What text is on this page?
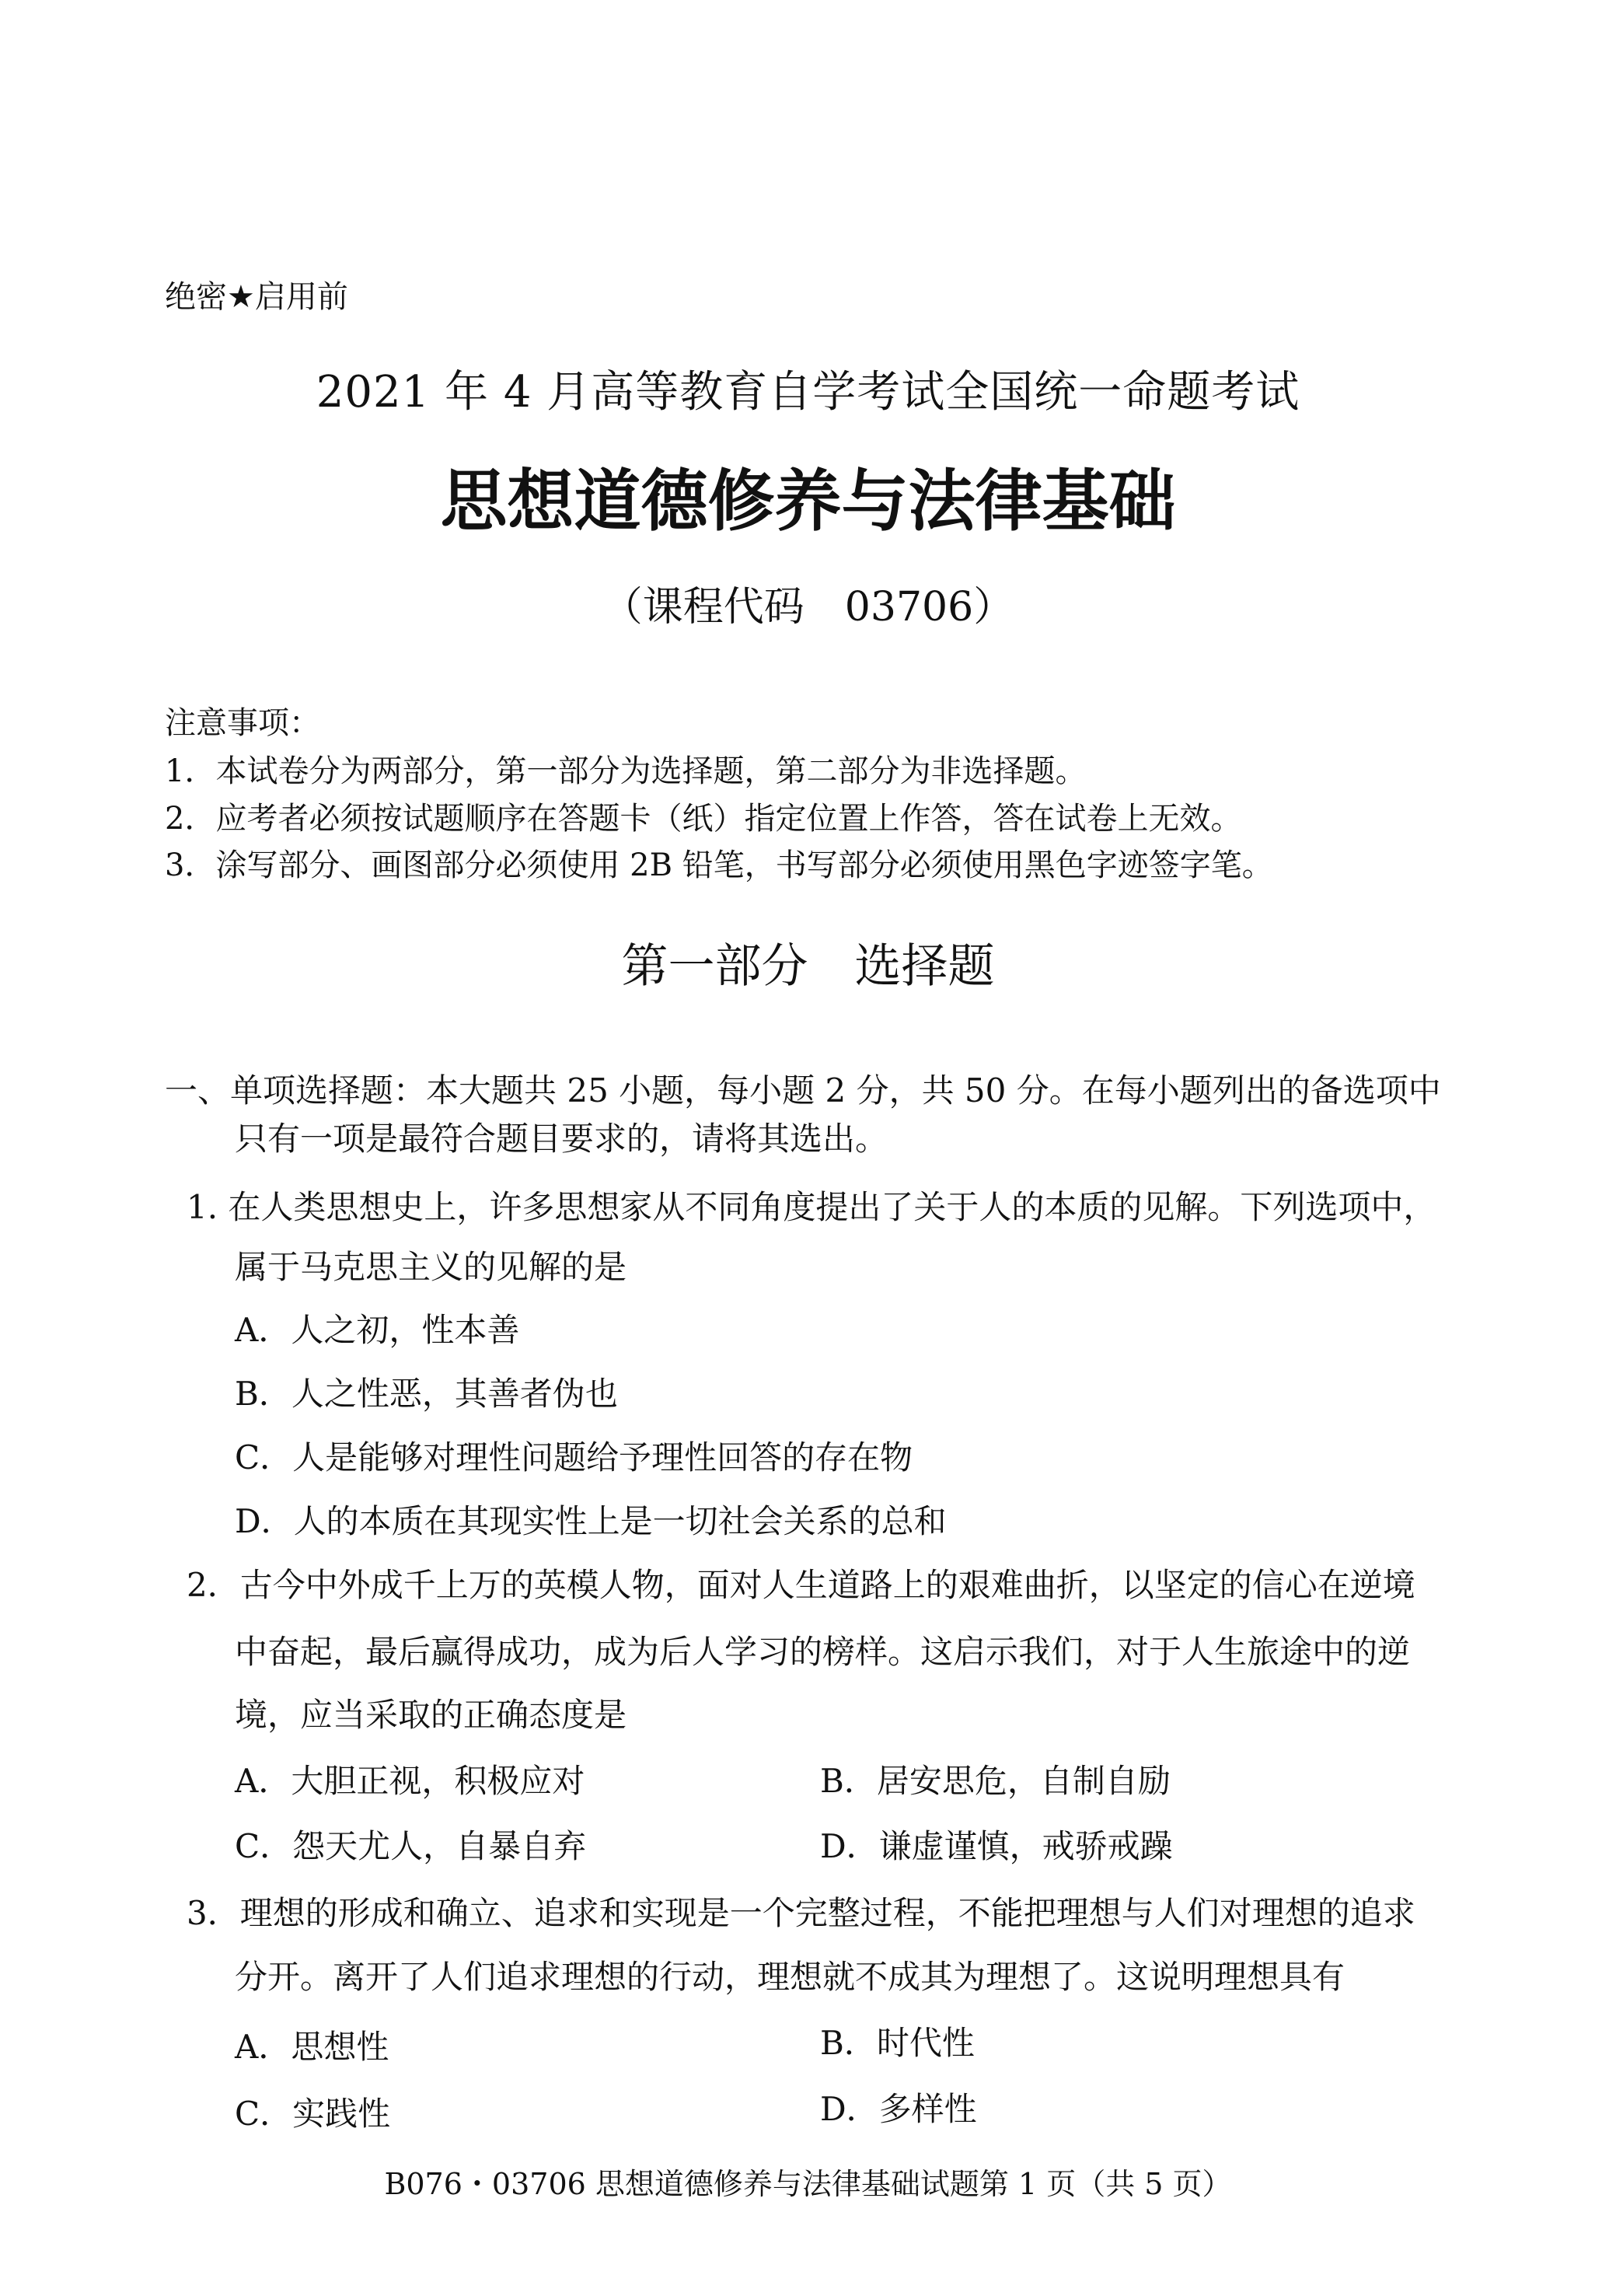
绝密★启用前
2021 年 4 月高等教育自学考试全国统一命题考试
思想道德修养与法律基础
（课程代码　03706）
注意事项：
1．本试卷分为两部分，第一部分为选择题，第二部分为非选择题。
2．应考者必须按试题顺序在答题卡（纸）指定位置上作答，答在试卷上无效。
3．涂写部分、画图部分必须使用 2B 铅笔，书写部分必须使用黑色字迹签字笔。
第一部分　选择题
一、单项选择题：本大题共 25 小题，每小题 2 分，共 50 分。在每小题列出的备选项中
只有一项是最符合题目要求的，请将其选出。
1. 在人类思想史上，许多思想家从不同角度提出了关于人的本质的见解。下列选项中，
属于马克思主义的见解的是
A．人之初，性本善
B．人之性恶，其善者伪也
C．人是能够对理性问题给予理性回答的存在物
D．人的本质在其现实性上是一切社会关系的总和
2．古今中外成千上万的英模人物，面对人生道路上的艰难曲折，以坚定的信心在逆境
中奋起，最后赢得成功，成为后人学习的榜样。这启示我们，对于人生旅途中的逆
境，应当采取的正确态度是
A．大胆正视，积极应对	B．居安思危，自制自励
C．怨天尤人，自暴自弃	D．谦虚谨慎，戒骄戒躁
3．理想的形成和确立、追求和实现是一个完整过程，不能把理想与人们对理想的追求
分开。离开了人们追求理想的行动，理想就不成其为理想了。这说明理想具有
A．思想性	B．时代性
C．实践性	D．多样性
B076・03706 思想道德修养与法律基础试题第 1 页（共 5 页）
